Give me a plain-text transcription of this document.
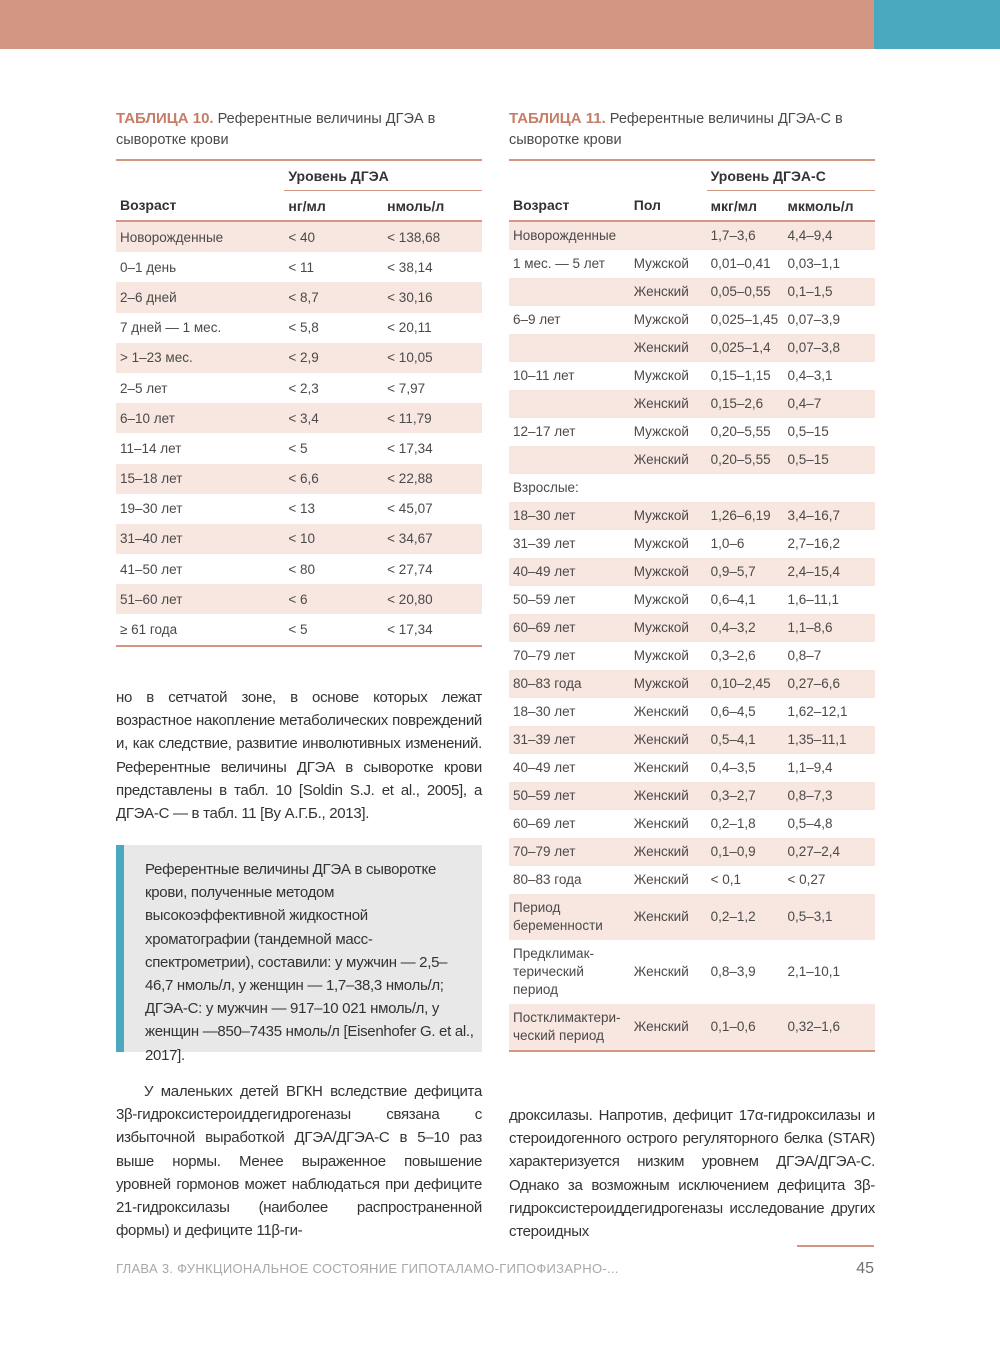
ТАБЛИЦА 10. Референтные величины ДГЭА в сыворотке крови
	Уровень ДГЭА	
Возраст	нг/мл	нмоль/л
Новорожденные	< 40	< 138,68
0–1 день	< 11	< 38,14
2–6 дней	< 8,7	< 30,16
7 дней — 1 мес.	< 5,8	< 20,11
> 1–23 мес.	< 2,9	< 10,05
2–5 лет	< 2,3	< 7,97
6–10 лет	< 3,4	< 11,79
11–14 лет	< 5	< 17,34
15–18 лет	< 6,6	< 22,88
19–30 лет	< 13	< 45,07
31–40 лет	< 10	< 34,67
41–50 лет	< 80	< 27,74
51–60 лет	< 6	< 20,80
≥ 61 года	< 5	< 17,34
но в сетчатой зоне, в основе которых лежат возрастное накопление метаболических повреждений и, как следствие, развитие инволютивных изменений. Референтные величины ДГЭА в сыворотке крови представлены в табл. 10 [Soldin S.J. et al., 2005], а ДГЭА-С — в табл. 11 [Ву А.Г.Б., 2013].
Референтные величины ДГЭА в сыворотке крови, полученные методом высокоэффективной жидкостной хроматографии (тандемной масс-спектрометрии), составили: у мужчин — 2,5–46,7 нмоль/л, у женщин — 1,7–38,3 нмоль/л; ДГЭА-С: у мужчин — 917–10 021 нмоль/л, у женщин —850–7435 нмоль/л [Eisenhofer G. et al., 2017].
У маленьких детей ВГКН вследствие дефицита 3β-гидроксистероиддегидрогеназы связана с избыточной выработкой ДГЭА/ДГЭА-С в 5–10 раз выше нормы. Менее выраженное повышение уровней гормонов может наблюдаться при дефиците 21-гидроксилазы (наиболее распространенной формы) и дефиците 11β-ги-
ТАБЛИЦА 11. Референтные величины ДГЭА-С в сыворотке крови
		Уровень ДГЭА-С	
Возраст	Пол	мкг/мл	мкмоль/л
Новорожденные		1,7–3,6	4,4–9,4
1 мес. — 5 лет	Мужской	0,01–0,41	0,03–1,1
	Женский	0,05–0,55	0,1–1,5
6–9 лет	Мужской	0,025–1,45	0,07–3,9
	Женский	0,025–1,4	0,07–3,8
10–11 лет	Мужской	0,15–1,15	0,4–3,1
	Женский	0,15–2,6	0,4–7
12–17 лет	Мужской	0,20–5,55	0,5–15
	Женский	0,20–5,55	0,5–15
Взрослые:			
18–30 лет	Мужской	1,26–6,19	3,4–16,7
31–39 лет	Мужской	1,0–6	2,7–16,2
40–49 лет	Мужской	0,9–5,7	2,4–15,4
50–59 лет	Мужской	0,6–4,1	1,6–11,1
60–69 лет	Мужской	0,4–3,2	1,1–8,6
70–79 лет	Мужской	0,3–2,6	0,8–7
80–83 года	Мужской	0,10–2,45	0,27–6,6
18–30 лет	Женский	0,6–4,5	1,62–12,1
31–39 лет	Женский	0,5–4,1	1,35–11,1
40–49 лет	Женский	0,4–3,5	1,1–9,4
50–59 лет	Женский	0,3–2,7	0,8–7,3
60–69 лет	Женский	0,2–1,8	0,5–4,8
70–79 лет	Женский	0,1–0,9	0,27–2,4
80–83 года	Женский	< 0,1	< 0,27
Период беременности	Женский	0,2–1,2	0,5–3,1
Предклимак-терический период	Женский	0,8–3,9	2,1–10,1
Постклимактери-ческий период	Женский	0,1–0,6	0,32–1,6
дроксилазы. Напротив, дефицит 17α-гидроксилазы и стероидогенного острого регуляторного белка (STAR) характеризуется низким уровнем ДГЭА/ДГЭА-С. Однако за возможным исключением дефицита 3β-гидроксистероиддегидрогеназы исследование других стероидных
ГЛАВА 3. ФУНКЦИОНАЛЬНОЕ СОСТОЯНИЕ ГИПОТАЛАМО-ГИПОФИЗАРНО-...	45
